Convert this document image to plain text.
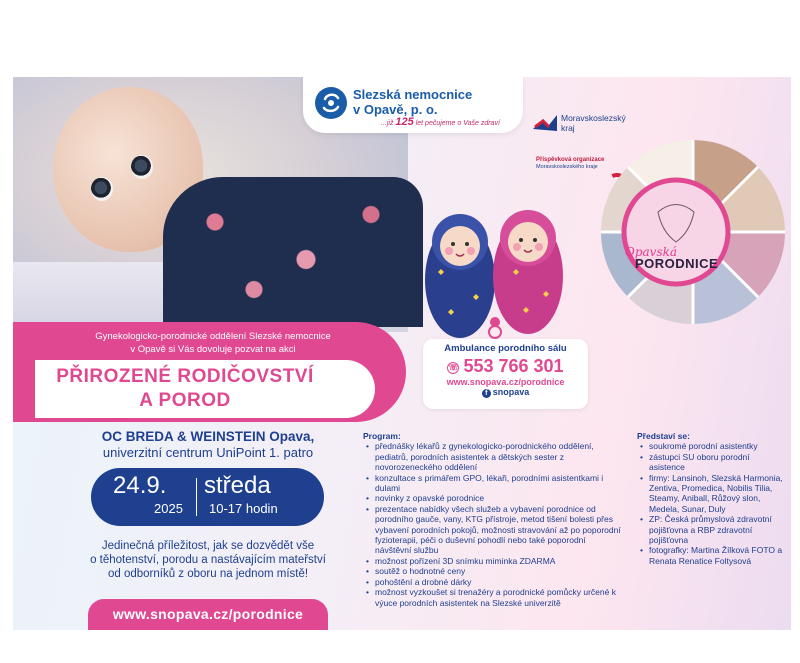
Slezská nemocnice
v Opavě, p. o.
...již 125 let pečujeme o Vaše zdraví
Moravskoslezský
kraj
Příspěvková organizace
Moravskoslezského kraje
Opavská
PORODNICE
Gynekologicko-porodnické oddělení Slezské nemocnice
v Opavě si Vás dovoluje pozvat na akci
PŘIROZENÉ RODIČOVSTVÍ
A POROD
OC BREDA & WEINSTEIN Opava,
univerzitní centrum UniPoint 1. patro
24.9.
2025
středa
10-17 hodin
Jedinečná příležitost, jak se dozvědět vše
o těhotenství, porodu a nastávajícím mateřství
od odborníků z oboru na jednom místě!
www.snopava.cz/porodnice
Ambulance porodního sálu
☏ 553 766 301
www.snopava.cz/porodnice
f snopava
Program:
• přednášky lékařů z gynekologicko-porodnického oddělení, pediatrů, porodních asistentek a dětských sester z novorozeneckého oddělení
• konzultace s primářem GPO, lékaři, porodními asistentkami i dulami
• novinky z opavské porodnice
• prezentace nabídky všech služeb a vybavení porodnice od porodního gauče, vany, KTG přístroje, metod tišení bolesti přes vybavení porodních pokojů, možnosti stravování až po poporodní fyzioterapii, péči o duševní pohodlí nebo také poporodní návštěvní službu
• možnost pořízení 3D snímku miminka ZDARMA
• soutěž o hodnotné ceny
• pohoštění a drobné dárky
• možnost vyzkoušet si trenažéry a porodnické pomůcky určené k výuce porodních asistentek na Slezské univerzitě
Představí se:
• soukromé porodní asistentky
• zástupci SU oboru porodní asistence
• firmy: Lansinoh, Slezská Harmonia, Zentiva, Promedica, Nobilis Tilia, Steamy, Aniball, Růžový slon, Medela, Sunar, Duly
• ZP: Česká průmyslová zdravotní pojišťovna a RBP zdravotní pojišťovna
• fotografky: Martina Žílková FOTO a Renata Renatice Foltysová
